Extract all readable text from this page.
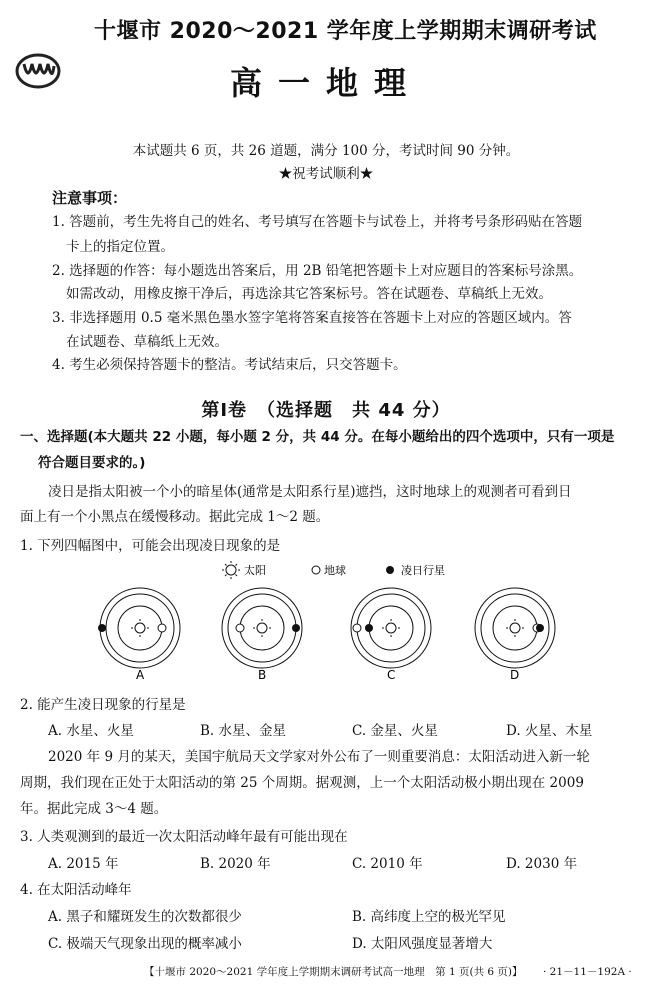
十堰市 2020～2021 学年度上学期期末调研考试
高一地理
本试题共 6 页，共 26 道题，满分 100 分，考试时间 90 分钟。
★祝考试顺利★
注意事项：
1. 答题前，考生先将自己的姓名、考号填写在答题卡与试卷上，并将考号条形码贴在答题
卡上的指定位置。
2. 选择题的作答：每小题选出答案后，用 2B 铅笔把答题卡上对应题目的答案标号涂黑。
如需改动，用橡皮擦干净后，再选涂其它答案标号。答在试题卷、草稿纸上无效。
3. 非选择题用 0.5 毫米黑色墨水签字笔将答案直接答在答题卡上对应的答题区域内。答
在试题卷、草稿纸上无效。
4. 考生必须保持答题卡的整洁。考试结束后，只交答题卡。
第Ⅰ卷　（选择题　共 44 分）
一、选择题(本大题共 22 小题，每小题 2 分，共 44 分。在每小题给出的四个选项中，只有一项是
符合题目要求的。)
凌日是指太阳被一个小的暗星体(通常是太阳系行星)遮挡，这时地球上的观测者可看到日
面上有一个小黑点在缓慢移动。据此完成 1～2 题。
1. 下列四幅图中，可能会出现凌日现象的是
太阳	地球	凌日行星
A	B	C	D
2. 能产生凌日现象的行星是
A. 水星、火星	B. 水星、金星	C. 金星、火星	D. 火星、木星
2020 年 9 月的某天，美国宇航局天文学家对外公布了一则重要消息：太阳活动进入新一轮
周期，我们现在正处于太阳活动的第 25 个周期。据观测，上一个太阳活动极小期出现在 2009
年。据此完成 3～4 题。
3. 人类观测到的最近一次太阳活动峰年最有可能出现在
A. 2015 年	B. 2020 年	C. 2010 年	D. 2030 年
4. 在太阳活动峰年
A. 黑子和耀斑发生的次数都很少	B. 高纬度上空的极光罕见
C. 极端天气现象出现的概率减小	D. 太阳风强度显著增大
【十堰市 2020～2021 学年度上学期期末调研考试高一地理　第 1 页(共 6 页)】 · 21－11－192A ·
